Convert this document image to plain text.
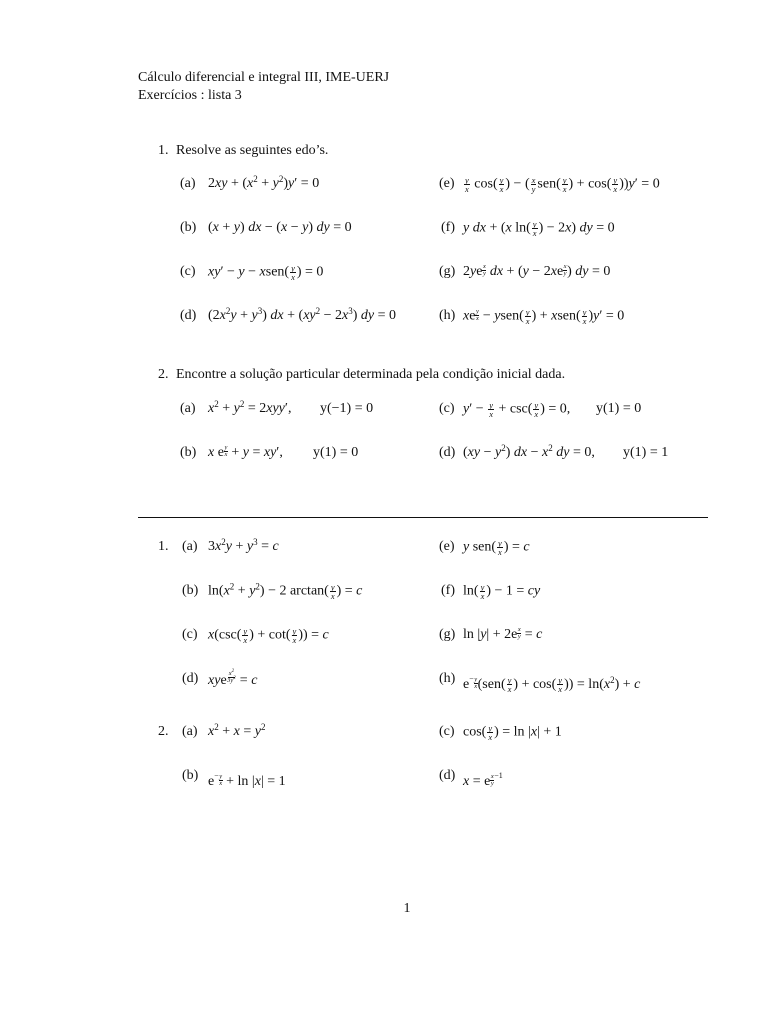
Cálculo diferencial e integral III, IME-UERJ
Exercícios : lista 3
1. Resolve as seguintes edo’s.
(a) $2xy + (x^2 + y^2)y' = 0$
(b) (x + y) dx − (x − y) dy = 0
(c) xy′ − y − xsen( $\frac{y}{x}$ ) = 0
(d) $(2x^2y + y^3)$ dx + $(xy^2 - 2x^3)$ dy = 0
$(e) \frac{y}{x} \cos( \frac{y}{x}$ ) − ( $\frac{x}{y} sen( \frac{y}{x}$ ) + $\cos( \frac{y}{x} ))y' = 0$
(f) y dx + (x $\ln( \frac{y}{x}$ ) − 2x) dy = 0
(g) $2ye \frac{x}{y}$ dx + ($y - 2xe \frac{x}{y}$ ) dy = 0
(h) xe $\frac{y}{x}$ − ysen( $\frac{y}{x}$ ) + xsen( $\frac{y}{x} )y' = 0$
2. Encontre a solução particular determinada pela condição inicial dada.
(a) $x^2 + y^2 = 2xyy'$, y(−1) = 0
(b) x e $\frac{y}{x} + y = xy'$, y(1) = 0
(c) $y' - \frac{y}{x} + \csc( \frac{y}{x}$ ) = 0, y(1) = 0
(d) $(xy - y^2)$ dx − $x^2$ dy = 0, y(1) = 1
1. (a) $3x^2y + y^3 = c$
(b) $\ln(x^2 + y^2) - 2$ $\arctan( \frac{y}{x}$ ) = c
(c) $x(\csc( \frac{y}{x}$ ) + $\cot( \frac{y}{x}$ )) = c
(d) xye $\frac{x^2}{3y^2} = c$
(e) y $sen( \frac{y}{x}$ ) = c
(f) $\ln( \frac{y}{x}$ ) − 1 = cy
(g) $\ln |y| + 2e \frac{x}{y} = c$
(h) $e^- \frac{y}{x} (sen( \frac{y}{x}$ ) + $\cos( \frac{y}{x}$ )) = $\ln(x^2) + c$
2. (a) $x^2 + x = y^2$
(b) $e^- \frac{y}{x} + \ln |x| = 1$
(c) $\cos( \frac{y}{x}$ ) = ln |x| + 1
(d) x = e $\frac{x}{y} ^{-1}$
1
